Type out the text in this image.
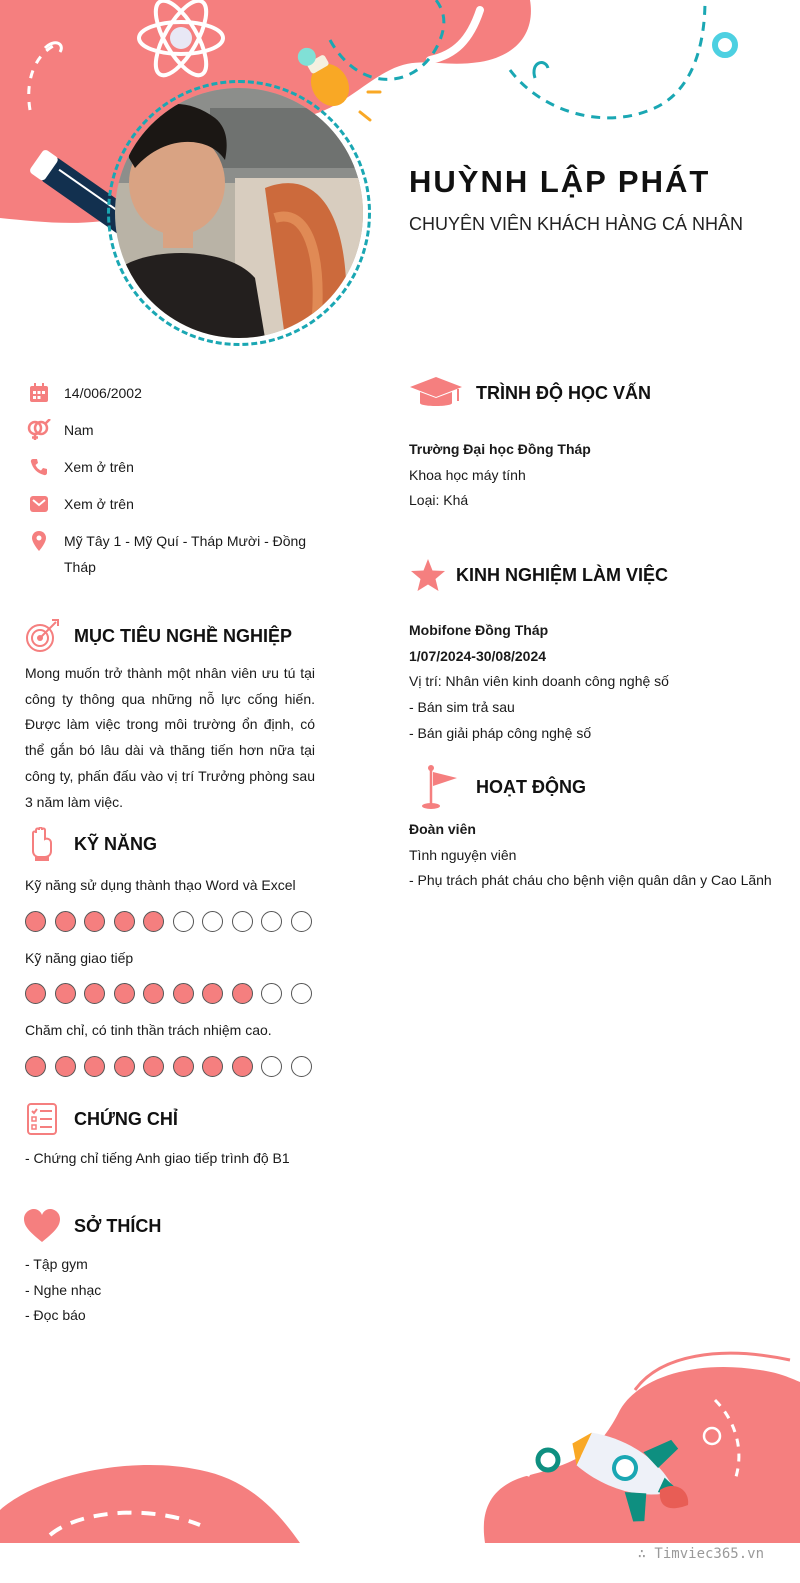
HUỲNH LẬP PHÁT
CHUYÊN VIÊN KHÁCH HÀNG CÁ NHÂN
14/006/2002
Nam
Xem ở trên
Xem ở trên
Mỹ Tây 1 - Mỹ Quí - Tháp Mười - Đồng Tháp
MỤC TIÊU NGHỀ NGHIỆP
Mong muốn trở thành một nhân viên ưu tú tại công ty thông qua những nỗ lực cống hiến. Được làm việc trong môi trường ổn định, có thể gắn bó lâu dài và thăng tiến hơn nữa tại công ty, phấn đấu vào vị trí Trưởng phòng sau 3 năm làm việc.
KỸ NĂNG
Kỹ năng sử dụng thành thạo Word và Excel
Kỹ năng giao tiếp
Chăm chỉ, có tinh thần trách nhiệm cao.
CHỨNG CHỈ
- Chứng chỉ tiếng Anh giao tiếp trình độ B1
SỞ THÍCH
- Tập gym
- Nghe nhạc
- Đọc báo
TRÌNH ĐỘ HỌC VẤN
Trường Đại học Đồng Tháp
Khoa học máy tính
Loại: Khá
KINH NGHIỆM LÀM VIỆC
Mobifone Đồng Tháp
1/07/2024-30/08/2024
Vị trí: Nhân viên kinh doanh công nghệ số
- Bán sim trả sau
- Bán giải pháp công nghệ số
HOẠT ĐỘNG
Đoàn viên
Tình nguyện viên
- Phụ trách phát cháu cho bệnh viện quân dân y Cao Lãnh
∴ Timviec365.vn
